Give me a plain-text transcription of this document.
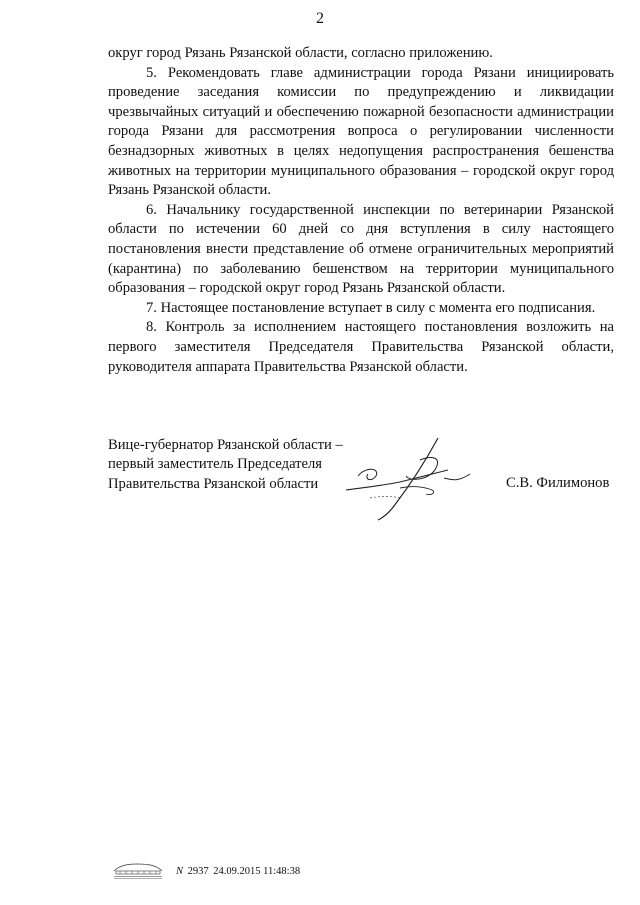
2

округ город Рязань Рязанской области, согласно приложению.

5. Рекомендовать главе администрации города Рязани инициировать проведение заседания комиссии по предупреждению и ликвидации чрезвычайных ситуаций и обеспечению пожарной безопасности администрации города Рязани для рассмотрения вопроса о регулировании численности безнадзорных животных в целях недопущения распространения бешенства животных на территории муниципального образования – городской округ город Рязань Рязанской области.

6. Начальнику государственной инспекции по ветеринарии Рязанской области по истечении 60 дней со дня вступления в силу настоящего постановления внести представление об отмене ограничительных мероприятий (карантина) по заболеванию бешенством на территории муниципального образования – городской округ город Рязань Рязанской области.

7. Настоящее постановление вступает в силу с момента его подписания.

8. Контроль за исполнением настоящего постановления возложить на первого заместителя Председателя Правительства Рязанской области, руководителя аппарата Правительства Рязанской области.

Вице-губернатор Рязанской области –
первый заместитель Председателя
Правительства Рязанской области	С.В. Филимонов
N 2937 24.09.2015 11:48:38
